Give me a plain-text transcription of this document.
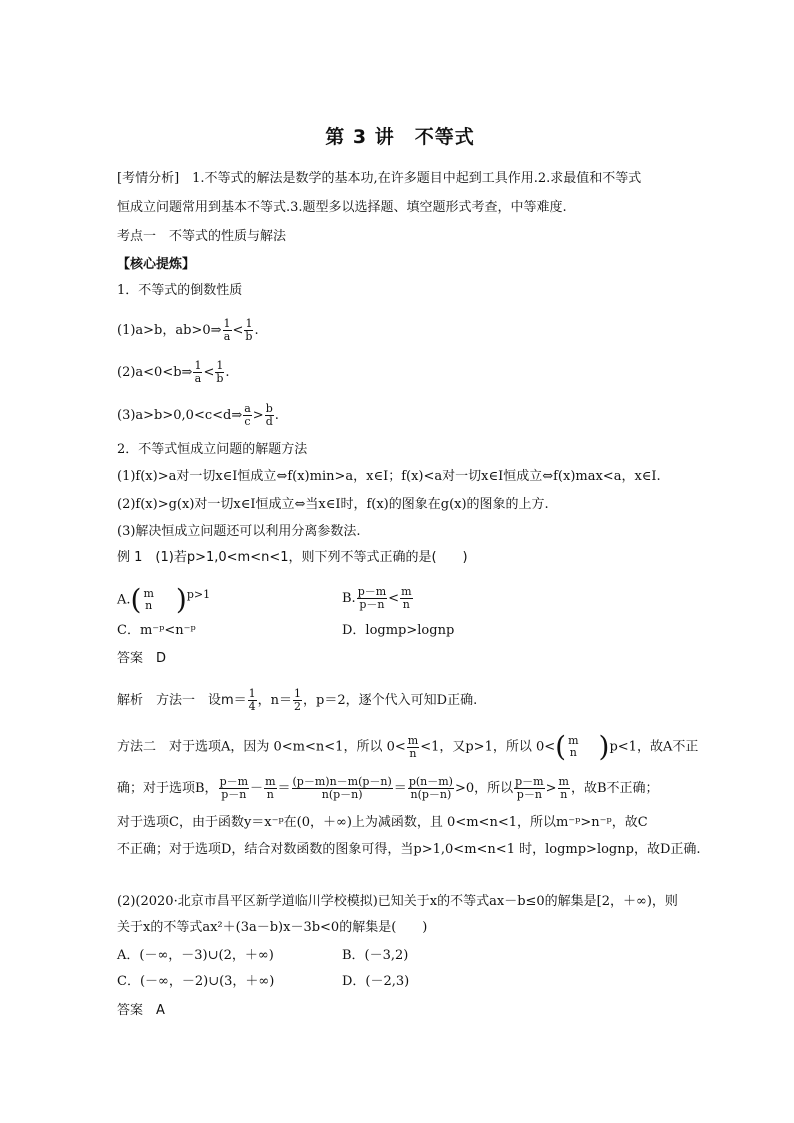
第 3 讲　不等式
[考情分析]　1.不等式的解法是数学的基本功,在许多题目中起到工具作用.2.求最值和不等式
恒成立问题常用到基本不等式.3.题型多以选择题、填空题形式考查，中等难度.
考点一　不等式的性质与解法
【核心提炼】
1．不等式的倒数性质
(1)a>b，ab>0⇒ $\frac{1}{a} < \frac{1}{b}$ .
(2)a<0<b⇒ $\frac{1}{a} < \frac{1}{b}$ .
(3)a>b>0,0<c<d⇒ $\frac{a}{c} > \frac{b}{d}$ .
2．不等式恒成立问题的解题方法
(1)f(x)>a对一切x∈I恒成立⇔f(x)min>a，x∈I；f(x)<a对一切x∈I恒成立⇔f(x)max<a，x∈I.
(2)f(x)>g(x)对一切x∈I恒成立⇔当x∈I时，f(x)的图象在g(x)的图象的上方.
(3)解决恒成立问题还可以利用分离参数法.
例 1　(1)若p>1,0<m<n<1，则下列不等式正确的是(　　)
A.( m
n )$^{p>1}$	B. $\frac{p-m}{p-n} < \frac{m}{n}$
C．m⁻ᵖ<n⁻ᵖ	D．logmp>lognp
答案　D
解析　方法一　设$m= \frac{1}{4}$ ，$n= \frac{1}{2}$ ，p＝2，逐个代入可知D正确.
方法二　对于选项A，因为 0<m<n<1，所以 $0< \frac{m}{n} <1$，又p>1，所以 0<( m
n )p<1，故A不正
确；对于选项B， $\frac{p-m}{p-n} - \frac{m}{n} = \frac{(p-m)n-m(p-n)}{n(p-n)} = \frac{p(n-m)}{n(p-n)} >0$，所以 $\frac{p-m}{p-n} > \frac{m}{n}$ ，故B不正确；
对于选项C，由于函数y＝x⁻ᵖ在(0，＋∞)上为减函数，且 0<m<n<1，所以m⁻ᵖ>n⁻ᵖ，故C
不正确；对于选项D，结合对数函数的图象可得，当p>1,0<m<n<1 时，logmp>lognp，故D正确.
(2)(2020·北京市昌平区新学道临川学校模拟)已知关于x的不等式ax－b≤0的解集是[2，＋∞)，则
关于x的不等式ax²＋(3a－b)x－3b<0的解集是(　　)
A．(－∞，－3)∪(2，＋∞)	B．(－3,2)
C．(－∞，－2)∪(3，＋∞)	D．(－2,3)
答案　A
